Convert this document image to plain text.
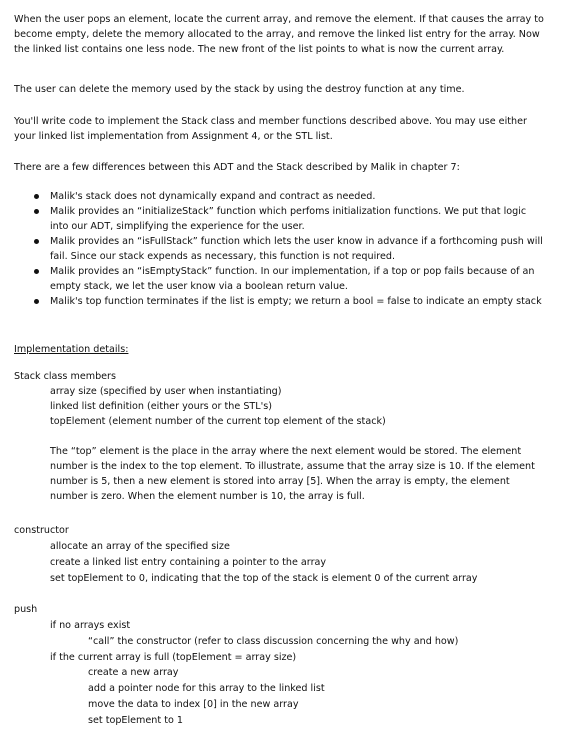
When the user pops an element, locate the current array, and remove the element. If that causes the array to
become empty, delete the memory allocated to the array, and remove the linked list entry for the array. Now
the linked list contains one less node. The new front of the list points to what is now the current array.
The user can delete the memory used by the stack by using the destroy function at any time.
You'll write code to implement the Stack class and member functions described above. You may use either
your linked list implementation from Assignment 4, or the STL list.
There are a few differences between this ADT and the Stack described by Malik in chapter 7:
Malik's stack does not dynamically expand and contract as needed.
Malik provides an “initializeStack” function which perfoms initialization functions. We put that logic
into our ADT, simplifying the experience for the user.
Malik provides an “isFullStack” function which lets the user know in advance if a forthcoming push will
fail. Since our stack expends as necessary, this function is not required.
Malik provides an “isEmptyStack” function. In our implementation, if a top or pop fails because of an
empty stack, we let the user know via a boolean return value.
Malik's top function terminates if the list is empty; we return a bool = false to indicate an empty stack
Implementation details:
Stack class members
array size (specified by user when instantiating)
linked list definition (either yours or the STL's)
topElement (element number of the current top element of the stack)
The “top” element is the place in the array where the next element would be stored. The element
number is the index to the top element. To illustrate, assume that the array size is 10. If the element
number is 5, then a new element is stored into array [5]. When the array is empty, the element
number is zero. When the element number is 10, the array is full.
constructor
allocate an array of the specified size
create a linked list entry containing a pointer to the array
set topElement to 0, indicating that the top of the stack is element 0 of the current array
push
if no arrays exist
“call” the constructor (refer to class discussion concerning the why and how)
if the current array is full (topElement = array size)
create a new array
add a pointer node for this array to the linked list
move the data to index [0] in the new array
set topElement to 1
